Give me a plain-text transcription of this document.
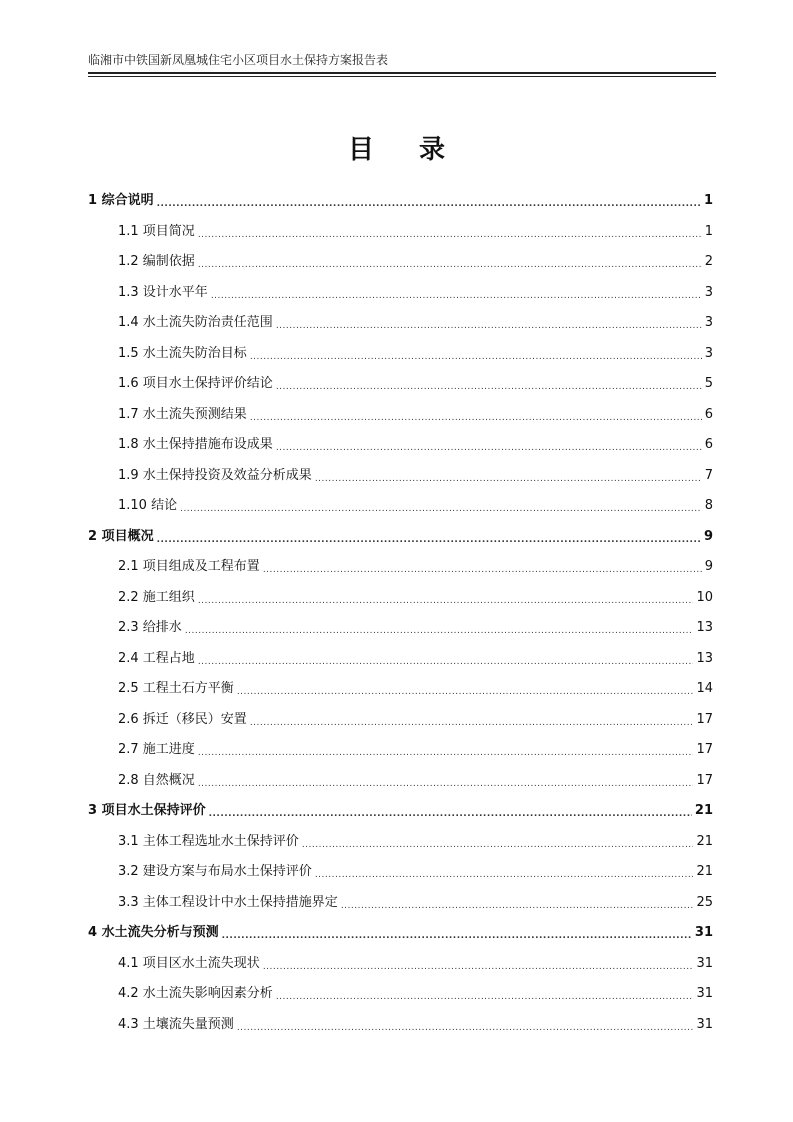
临湘市中铁国新凤凰城住宅小区项目水土保持方案报告表
目 录
1 综合说明 .....	1
1.1 项目简况 .....	1
1.2 编制依据 .....	2
1.3 设计水平年 .....	3
1.4 水土流失防治责任范围 .....	3
1.5 水土流失防治目标 .....	3
1.6 项目水土保持评价结论 .....	5
1.7 水土流失预测结果 .....	6
1.8 水土保持措施布设成果 .....	6
1.9 水土保持投资及效益分析成果 .....	7
1.10 结论 .....	8
2 项目概况 .....	9
2.1 项目组成及工程布置 .....	9
2.2 施工组织 .....	10
2.3 给排水 .....	13
2.4 工程占地 .....	13
2.5 工程土石方平衡 .....	14
2.6 拆迁（移民）安置 .....	17
2.7 施工进度 .....	17
2.8 自然概况 .....	17
3 项目水土保持评价 .....	21
3.1 主体工程选址水土保持评价 .....	21
3.2 建设方案与布局水土保持评价 .....	21
3.3 主体工程设计中水土保持措施界定 .....	25
4 水土流失分析与预测 .....	31
4.1 项目区水土流失现状 .....	31
4.2 水土流失影响因素分析 .....	31
4.3 土壤流失量预测 .....	31
